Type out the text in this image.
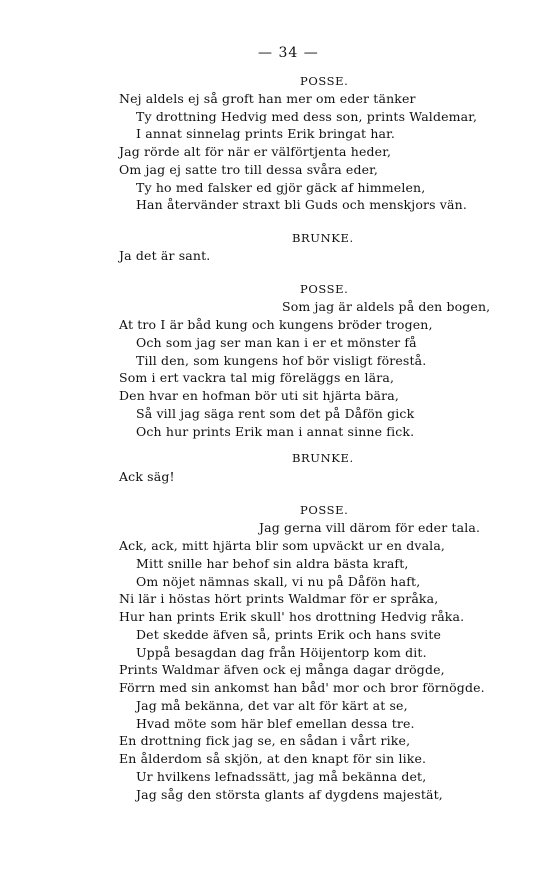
— 34 —
POSSE.
Nej aldels ej så groft han mer om eder tänker
Ty drottning Hedvig med dess son, prints Waldemar,
I annat sinnelag prints Erik bringat har.
Jag rörde alt för när er välförtjenta heder,
Om jag ej satte tro till dessa svåra eder,
Ty ho med falsker ed gjör gäck af himmelen,
Han återvänder straxt bli Guds och menskjors vän.
BRUNKE.
Ja det är sant.
POSSE.
Som jag är aldels på den bogen,
At tro I är båd kung och kungens bröder trogen,
Och som jag ser man kan i er et mönster få
Till den, som kungens hof bör visligt förestå.
Som i ert vackra tal mig föreläggs en lära,
Den hvar en hofman bör uti sit hjärta bära,
Så vill jag säga rent som det på Dåfön gick
Och hur prints Erik man i annat sinne fick.
BRUNKE.
Ack säg!
POSSE.
Jag gerna vill därom för eder tala.
Ack, ack, mitt hjärta blir som upväckt ur en dvala,
Mitt snille har behof sin aldra bästa kraft,
Om nöjet nämnas skall, vi nu på Dåfön haft,
Ni lär i höstas hört prints Waldmar för er språka,
Hur han prints Erik skull' hos drottning Hedvig råka.
Det skedde äfven så, prints Erik och hans svite
Uppå besagdan dag från Höijentorp kom dit.
Prints Waldmar äfven ock ej många dagar drögde,
Förrn med sin ankomst han båd' mor och bror förnögde.
Jag må bekänna, det var alt för kärt at se,
Hvad möte som här blef emellan dessa tre.
En drottning fick jag se, en sådan i vårt rike,
En ålderdom så skjön, at den knapt för sin like.
Ur hvilkens lefnadssätt, jag må bekänna det,
Jag såg den största glants af dygdens majestät,
